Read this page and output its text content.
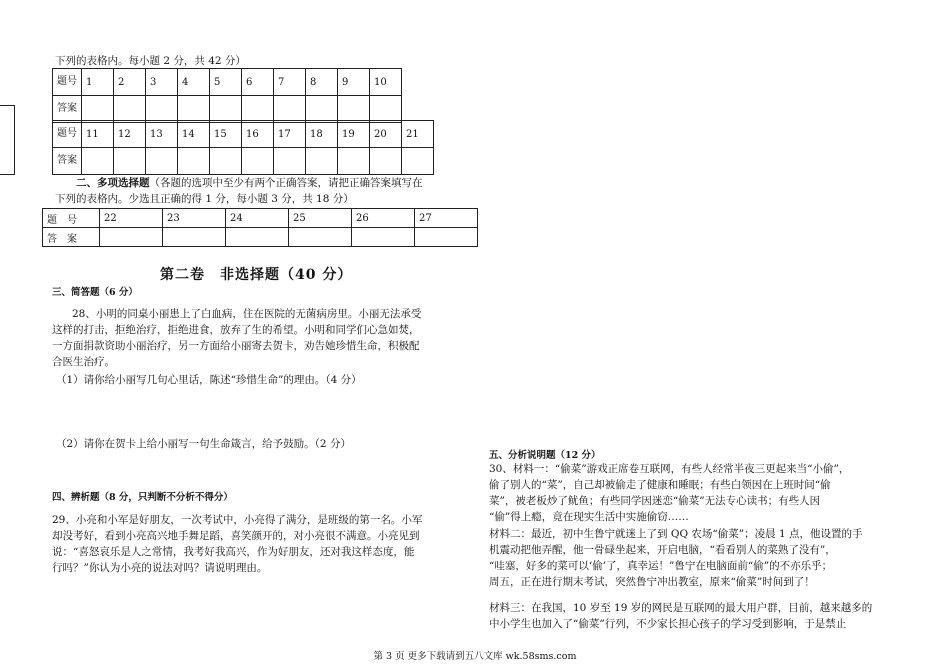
下列的表格内。每小题 2 分，共 42 分）
题号	1	2	3	4	5	6	7	8	9	10
答案										
题号	11	12	13	14	15	16	17	18	19	20	21
答案											
二、多项选择题（各题的选项中至少有两个正确答案，请把正确答案填写在
下列的表格内。少选且正确的得 1 分，每小题 3 分，共 18 分）
题　号	22	23	24	25	26	27
答　案						
第二卷　非选择题（40 分）
三、简答题（6 分）
28、小明的同桌小丽患上了白血病，住在医院的无菌病房里。小丽无法承受
这样的打击，拒绝治疗，拒绝进食，放弃了生的希望。小明和同学们心急如焚，
一方面捐款资助小丽治疗，另一方面给小丽寄去贺卡，劝告她珍惜生命，积极配
合医生治疗。
（1）请你给小丽写几句心里话，陈述“珍惜生命”的理由。（4 分）
（2）请你在贺卡上给小丽写一句生命箴言，给予鼓励。（2 分）
四、辨析题（8 分，只判断不分析不得分）
29、小亮和小军是好朋友，一次考试中，小亮得了满分，是班级的第一名。小军
却没考好，看到小亮高兴地手舞足蹈，喜笑颜开的，对小亮很不满意。小亮见到
说：“喜怒哀乐是人之常情，我考好我高兴，作为好朋友，还对我这样态度，能
行吗？”你认为小亮的说法对吗？请说明理由。
五、分析说明题（12 分）
30、材料一：“偷菜”游戏正席卷互联网，有些人经常半夜三更起来当“小偷”，
偷了别人的“菜”，自己却被偷走了健康和睡眠；有些白领因在上班时间“偷
菜”，被老板炒了鱿鱼；有些同学因迷恋“偷菜”无法专心读书；有些人因
“偷”得上瘾，竟在现实生活中实施偷窃……
材料二：最近，初中生鲁宁就迷上了到 QQ 农场“偷菜”；凌晨 1 点，他设置的手
机震动把他弄醒，他一骨碌坐起来，开启电脑，“看看别人的菜熟了没有”，
“哇塞，好多的菜可以‘偷’了，真幸运！”鲁宁在电脑面前“偷”的不亦乐乎；
周五，正在进行期末考试，突然鲁宁冲出教室，原来“偷菜”时间到了！
材料三：在我国，10 岁至 19 岁的网民是互联网的最大用户群，目前，越来越多的
中小学生也加入了“偷菜”行列，不少家长担心孩子的学习受到影响，于是禁止
第 3 页 更多下载请到五八文库 wk.58sms.com
